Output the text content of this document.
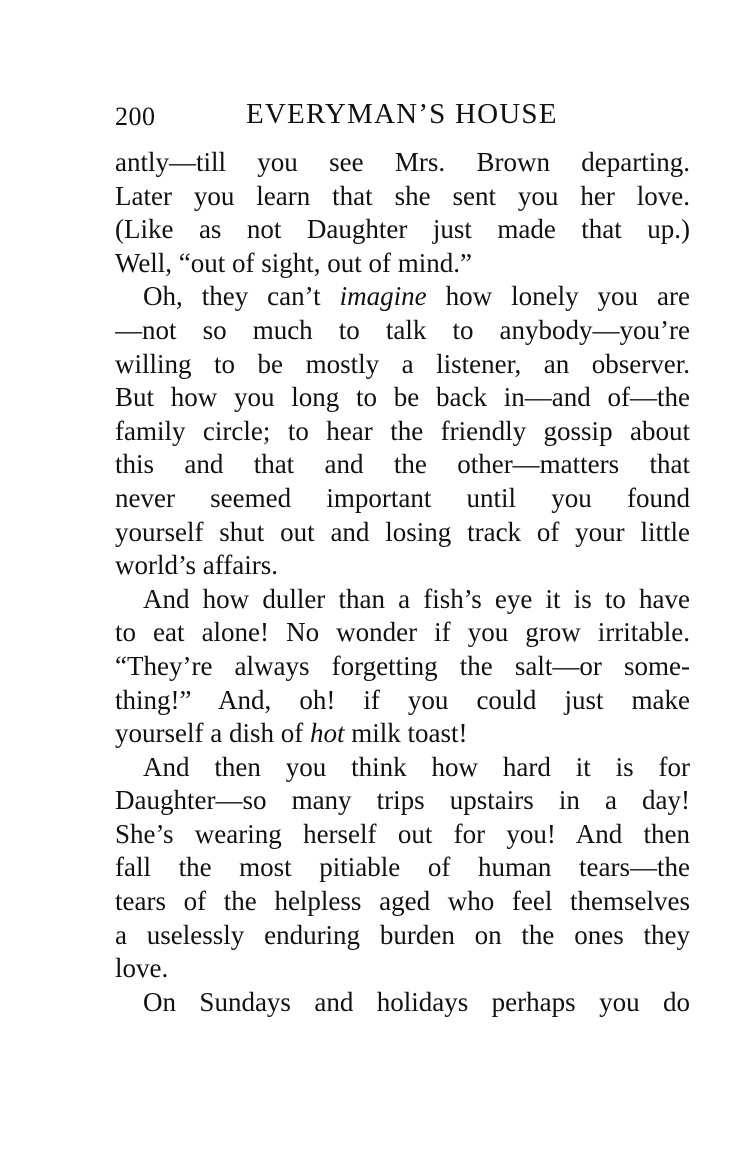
200	EVERYMAN’S HOUSE
antly—till you see Mrs. Brown departing.
Later you learn that she sent you her love.
(Like as not Daughter just made that up.)
Well, “out of sight, out of mind.”
Oh, they can’t imagine how lonely you are
—not so much to talk to anybody—you’re
willing to be mostly a listener, an observer.
But how you long to be back in—and of—the
family circle; to hear the friendly gossip about
this and that and the other—matters that
never seemed important until you found
yourself shut out and losing track of your little
world’s affairs.
And how duller than a fish’s eye it is to have
to eat alone! No wonder if you grow irritable.
“They’re always forgetting the salt—or some-
thing!” And, oh! if you could just make
yourself a dish of hot milk toast!
And then you think how hard it is for
Daughter—so many trips upstairs in a day!
She’s wearing herself out for you! And then
fall the most pitiable of human tears—the
tears of the helpless aged who feel themselves
a uselessly enduring burden on the ones they
love.
On Sundays and holidays perhaps you do
